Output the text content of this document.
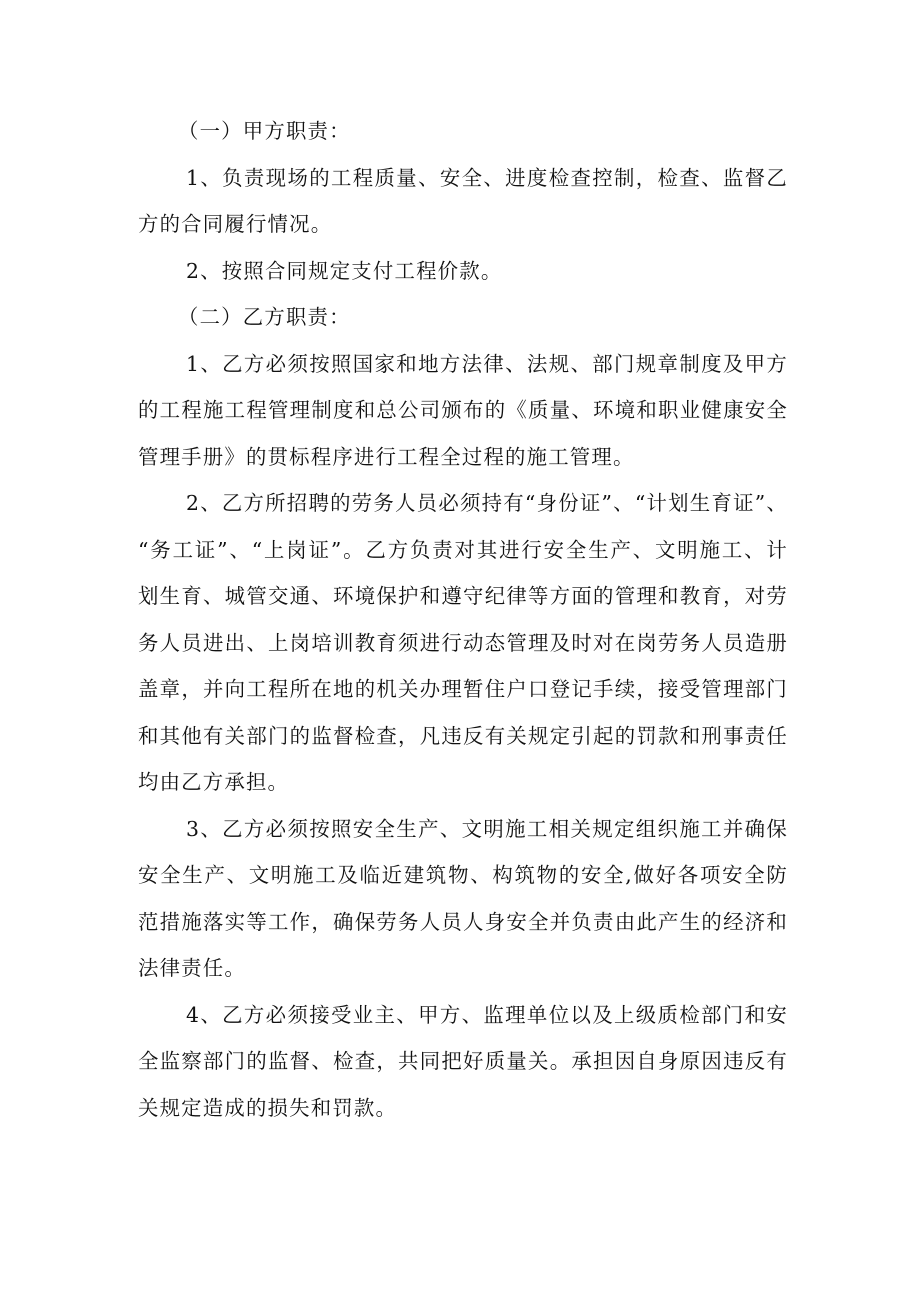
（一）甲方职责：

1、负责现场的工程质量、安全、进度检查控制，检查、监督乙方的合同履行情况。

2、按照合同规定支付工程价款。

（二）乙方职责：

1、乙方必须按照国家和地方法律、法规、部门规章制度及甲方的工程施工程管理制度和总公司颁布的《质量、环境和职业健康安全管理手册》的贯标程序进行工程全过程的施工管理。

2、乙方所招聘的劳务人员必须持有“身份证”、“计划生育证”、“务工证”、“上岗证”。乙方负责对其进行安全生产、文明施工、计划生育、城管交通、环境保护和遵守纪律等方面的管理和教育，对劳务人员进出、上岗培训教育须进行动态管理及时对在岗劳务人员造册盖章，并向工程所在地的机关办理暂住户口登记手续，接受管理部门和其他有关部门的监督检查，凡违反有关规定引起的罚款和刑事责任均由乙方承担。

3、乙方必须按照安全生产、文明施工相关规定组织施工并确保安全生产、文明施工及临近建筑物、构筑物的安全,做好各项安全防范措施落实等工作，确保劳务人员人身安全并负责由此产生的经济和法律责任。

4、乙方必须接受业主、甲方、监理单位以及上级质检部门和安全监察部门的监督、检查，共同把好质量关。承担因自身原因违反有关规定造成的损失和罚款。
